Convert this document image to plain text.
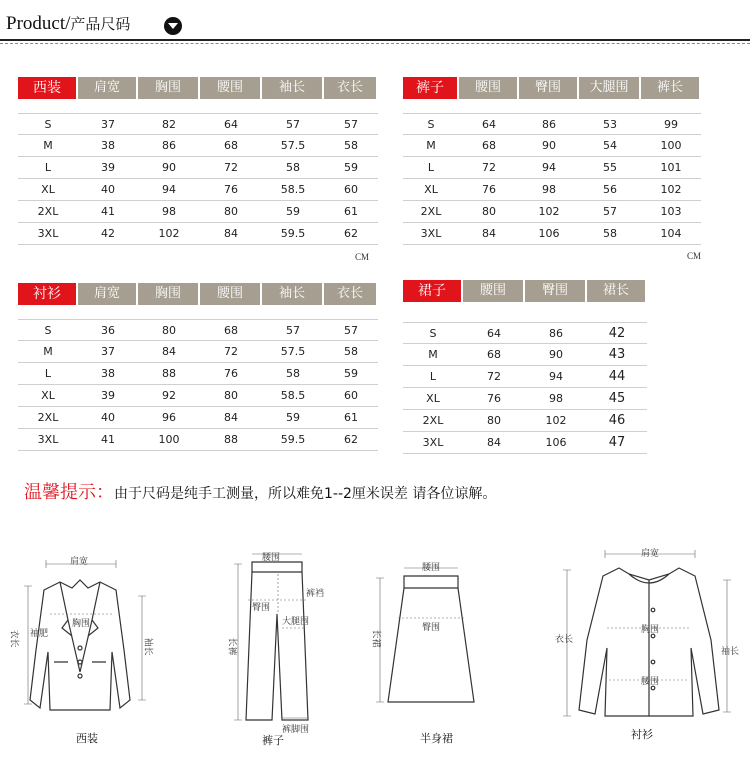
Product/产品尺码
西装	肩宽	胸围	腰围	袖长	衣长
S	37	82	64	57	57
M	38	86	68	57.5	58
L	39	90	72	58	59
XL	40	94	76	58.5	60
2XL	41	98	80	59	61
3XL	42	102	84	59.5	62
CM
裤子	腰围	臀围	大腿围	裤长
S	64	86	53	99
M	68	90	54	100
L	72	94	55	101
XL	76	98	56	102
2XL	80	102	57	103
3XL	84	106	58	104
CM
衬衫	肩宽	胸围	腰围	袖长	衣长
S	36	80	68	57	57
M	37	84	72	57.5	58
L	38	88	76	58	59
XL	39	92	80	58.5	60
2XL	40	96	84	59	61
3XL	41	100	88	59.5	62
裙子	腰围	臀围	裙长
S	64	86	42
M	68	90	43
L	72	94	44
XL	76	98	45
2XL	80	102	46
3XL	84	106	47
温馨提示：由于尺码是纯手工测量，所以难免1--2厘米误差 请各位谅解。
肩宽
胸围
袖肥
衣长	袖长
西装
腰围
裤裆
臀围
大腿围
长裤
裤脚围
裤子
腰围
臀围
长裙
半身裙
肩宽
胸围
腰围
衣长
袖长
衬衫
